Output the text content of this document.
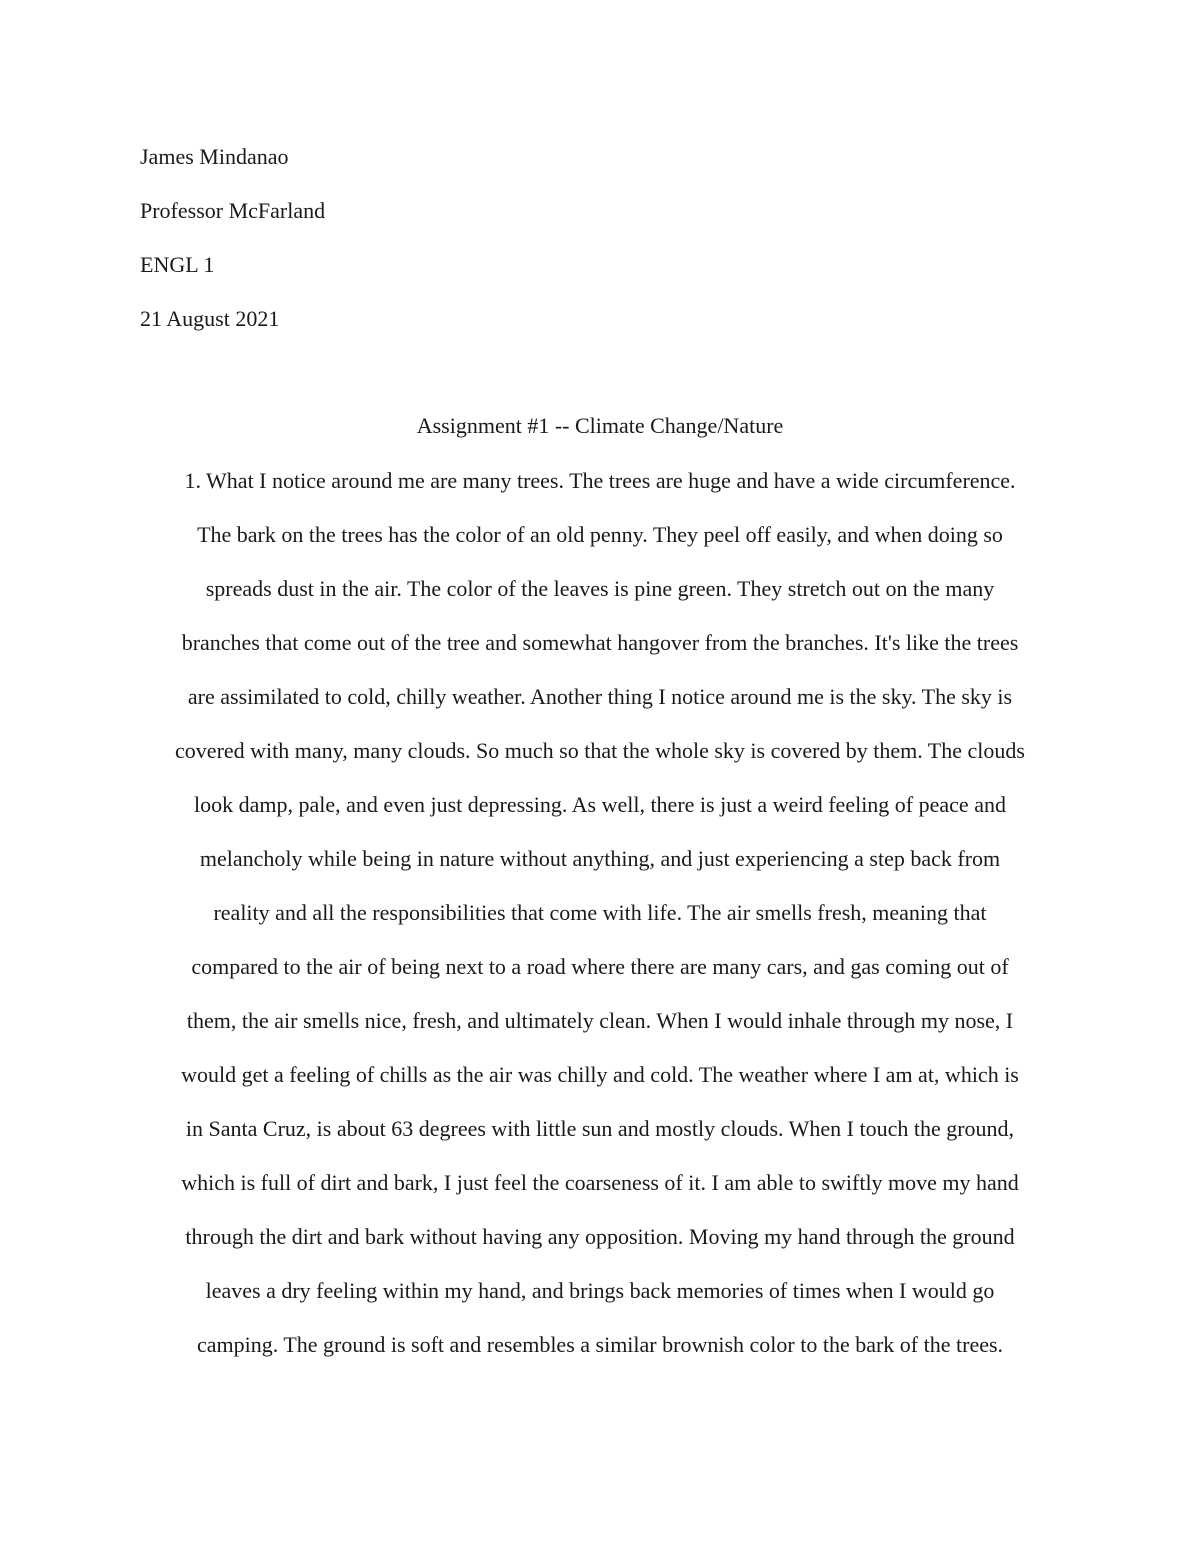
James Mindanao
Professor McFarland
ENGL 1
21 August 2021
Assignment #1 -- Climate Change/Nature
1. What I notice around me are many trees. The trees are huge and have a wide circumference.
The bark on the trees has the color of an old penny. They peel off easily, and when doing so
spreads dust in the air. The color of the leaves is pine green. They stretch out on the many
branches that come out of the tree and somewhat hangover from the branches. It's like the trees
are assimilated to cold, chilly weather. Another thing I notice around me is the sky. The sky is
covered with many, many clouds. So much so that the whole sky is covered by them. The clouds
look damp, pale, and even just depressing. As well, there is just a weird feeling of peace and
melancholy while being in nature without anything, and just experiencing a step back from
reality and all the responsibilities that come with life. The air smells fresh, meaning that
compared to the air of being next to a road where there are many cars, and gas coming out of
them, the air smells nice, fresh, and ultimately clean. When I would inhale through my nose, I
would get a feeling of chills as the air was chilly and cold. The weather where I am at, which is
in Santa Cruz, is about 63 degrees with little sun and mostly clouds. When I touch the ground,
which is full of dirt and bark, I just feel the coarseness of it. I am able to swiftly move my hand
through the dirt and bark without having any opposition. Moving my hand through the ground
leaves a dry feeling within my hand, and brings back memories of times when I would go
camping. The ground is soft and resembles a similar brownish color to the bark of the trees.
